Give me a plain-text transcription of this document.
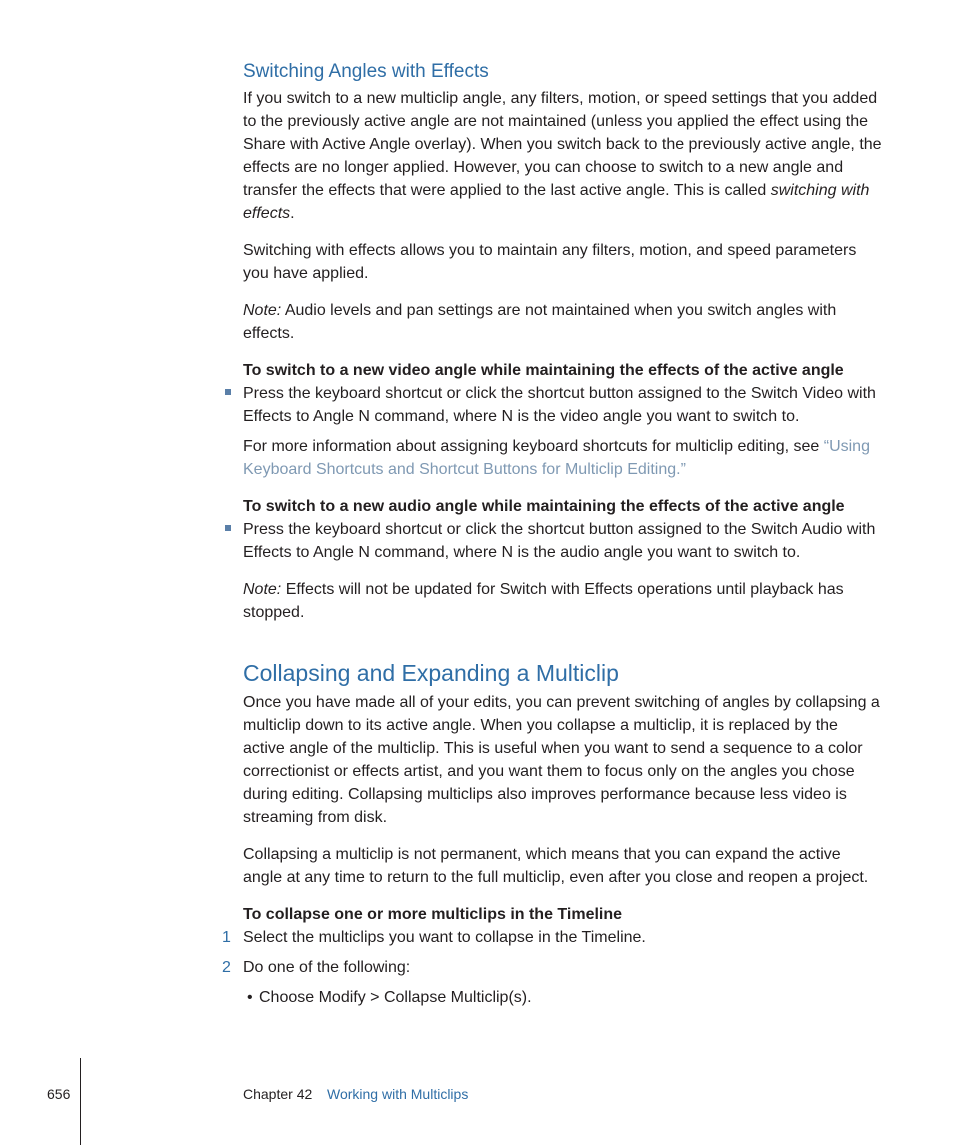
Switching Angles with Effects

If you switch to a new multiclip angle, any filters, motion, or speed settings that you added to the previously active angle are not maintained (unless you applied the effect using the Share with Active Angle overlay). When you switch back to the previously active angle, the effects are no longer applied. However, you can choose to switch to a new angle and transfer the effects that were applied to the last active angle. This is called switching with effects.

Switching with effects allows you to maintain any filters, motion, and speed parameters you have applied.

Note: Audio levels and pan settings are not maintained when you switch angles with effects.

To switch to a new video angle while maintaining the effects of the active angle

Press the keyboard shortcut or click the shortcut button assigned to the Switch Video with Effects to Angle N command, where N is the video angle you want to switch to.

For more information about assigning keyboard shortcuts for multiclip editing, see “Using Keyboard Shortcuts and Shortcut Buttons for Multiclip Editing.”

To switch to a new audio angle while maintaining the effects of the active angle

Press the keyboard shortcut or click the shortcut button assigned to the Switch Audio with Effects to Angle N command, where N is the audio angle you want to switch to.

Note: Effects will not be updated for Switch with Effects operations until playback has stopped.

Collapsing and Expanding a Multiclip

Once you have made all of your edits, you can prevent switching of angles by collapsing a multiclip down to its active angle. When you collapse a multiclip, it is replaced by the active angle of the multiclip. This is useful when you want to send a sequence to a color correctionist or effects artist, and you want them to focus only on the angles you chose during editing. Collapsing multiclips also improves performance because less video is streaming from disk.

Collapsing a multiclip is not permanent, which means that you can expand the active angle at any time to return to the full multiclip, even after you close and reopen a project.

To collapse one or more multiclips in the Timeline
1 Select the multiclips you want to collapse in the Timeline.

2 Do one of the following:

• Choose Modify > Collapse Multiclip(s).

656	Chapter 42 Working with Multiclips
